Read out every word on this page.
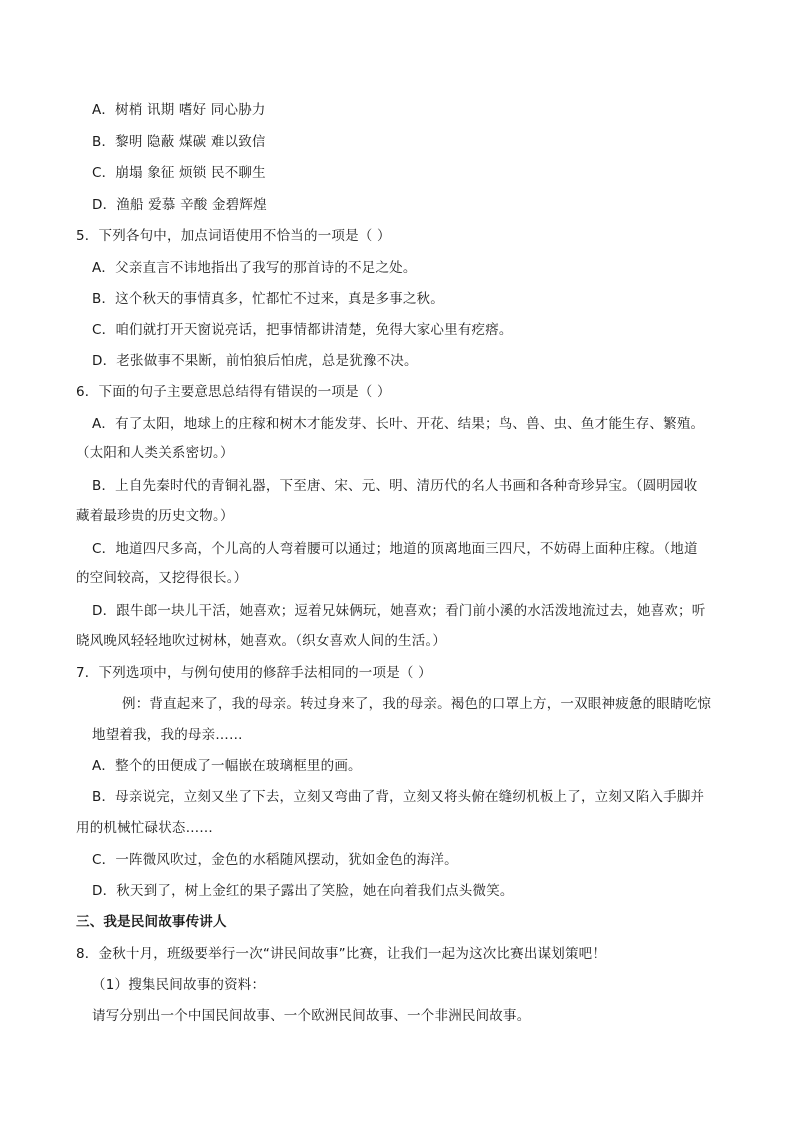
A．树梢 讯期 嗜好 同心胁力
B．黎明 隐蔽 煤碳 难以致信
C．崩塌 象征 烦锁 民不聊生
D．渔船 爱慕 辛酸 金碧辉煌
5．下列各句中，加点词语使用不恰当的一项是（ ）
A．父亲直言不讳地指出了我写的那首诗的不足之处。
B．这个秋天的事情真多，忙都忙不过来，真是多事之秋。
C．咱们就打开天窗说亮话，把事情都讲清楚，免得大家心里有疙瘩。
D．老张做事不果断，前怕狼后怕虎，总是犹豫不决。
6．下面的句子主要意思总结得有错误的一项是（ ）
A．有了太阳，地球上的庄稼和树木才能发芽、长叶、开花、结果；鸟、兽、虫、鱼才能生存、繁殖。
（太阳和人类关系密切。）
B．上自先秦时代的青铜礼器，下至唐、宋、元、明、清历代的名人书画和各种奇珍异宝。（圆明园收
藏着最珍贵的历史文物。）
C．地道四尺多高，个儿高的人弯着腰可以通过；地道的顶离地面三四尺，不妨碍上面种庄稼。（地道
的空间较高，又挖得很长。）
D．跟牛郎一块儿干活，她喜欢；逗着兄妹俩玩，她喜欢；看门前小溪的水活泼地流过去，她喜欢；听
晓风晚风轻轻地吹过树林，她喜欢。（织女喜欢人间的生活。）
7．下列选项中，与例句使用的修辞手法相同的一项是（ ）
例：背直起来了，我的母亲。转过身来了，我的母亲。褐色的口罩上方，一双眼神疲惫的眼睛吃惊
地望着我，我的母亲……
A．整个的田便成了一幅嵌在玻璃框里的画。
B．母亲说完，立刻又坐了下去，立刻又弯曲了背，立刻又将头俯在缝纫机板上了，立刻又陷入手脚并
用的机械忙碌状态……
C．一阵微风吹过，金色的水稻随风摆动，犹如金色的海洋。
D．秋天到了，树上金红的果子露出了笑脸，她在向着我们点头微笑。
三、我是民间故事传讲人
8．金秋十月，班级要举行一次“讲民间故事”比赛，让我们一起为这次比赛出谋划策吧！
（1）搜集民间故事的资料：
请写分别出一个中国民间故事、一个欧洲民间故事、一个非洲民间故事。
